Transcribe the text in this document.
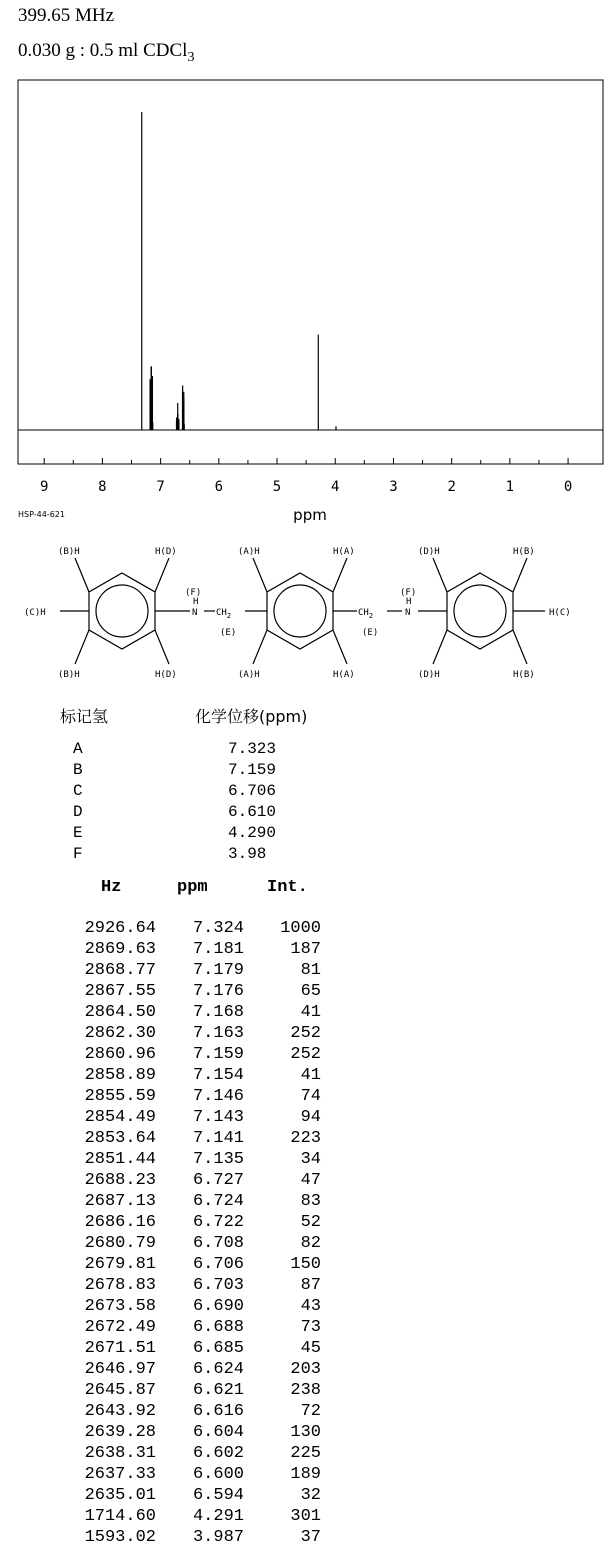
399.65 MHz
0.030 g : 0.5 ml CDCl$_3$
9	8	7	6	5	4	3	2	1	0
ppm
HSP-44-621
(B)H	H(D)	(A)H	H(A)	(D)H	H(B)
(C)H	H(C)
(F)
H
N $CH_2$
(E)
$CH_2$
(E)
(F)
H
N
(B)H	H(D)	(A)H	H(A)	(D)H	H(B)
标记氢	化学位移(ppm)
A	7.323
B	7.159
C	6.706
D	6.610
E	4.290
F	3.98
Hz	ppm	Int.
2926.64	7.324	1000
2869.63	7.181	187
2868.77	7.179	81
2867.55	7.176	65
2864.50	7.168	41
2862.30	7.163	252
2860.96	7.159	252
2858.89	7.154	41
2855.59	7.146	74
2854.49	7.143	94
2853.64	7.141	223
2851.44	7.135	34
2688.23	6.727	47
2687.13	6.724	83
2686.16	6.722	52
2680.79	6.708	82
2679.81	6.706	150
2678.83	6.703	87
2673.58	6.690	43
2672.49	6.688	73
2671.51	6.685	45
2646.97	6.624	203
2645.87	6.621	238
2643.92	6.616	72
2639.28	6.604	130
2638.31	6.602	225
2637.33	6.600	189
2635.01	6.594	32
1714.60	4.291	301
1593.02	3.987	37
